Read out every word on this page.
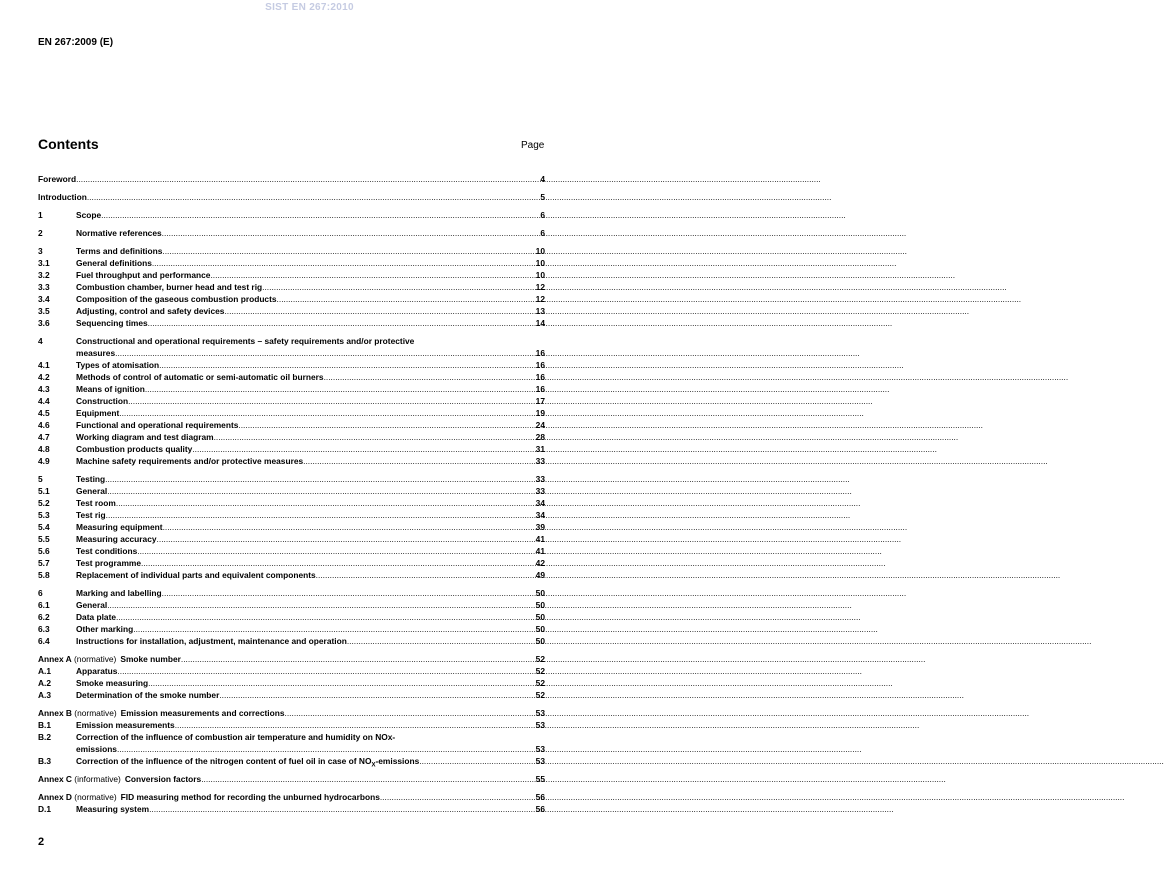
SIST EN 267:2010
EN 267:2009 (E)
Contents	Page
Foreword .....	4
Introduction .....	5
1	Scope .....	6
2	Normative references .....	6
3	Terms and definitions .....	10
3.1	General definitions .....	10
3.2	Fuel throughput and performance .....	10
3.3	Combustion chamber, burner head and test rig .....	12
3.4	Composition of the gaseous combustion products .....	12
3.5	Adjusting, control and safety devices .....	13
3.6	Sequencing times .....	14
4	Constructional and operational requirements – safety requirements and/or protective
measures .....	16
4.1	Types of atomisation .....	16
4.2	Methods of control of automatic or semi-automatic oil burners .....	16
4.3	Means of ignition .....	16
4.4	Construction .....	17
4.5	Equipment .....	19
4.6	Functional and operational requirements .....	24
4.7	Working diagram and test diagram .....	28
4.8	Combustion products quality .....	31
4.9	Machine safety requirements and/or protective measures .....	33
5	Testing .....	33
5.1	General .....	33
5.2	Test room .....	34
5.3	Test rig .....	34
5.4	Measuring equipment .....	39
5.5	Measuring accuracy .....	41
5.6	Test conditions .....	41
5.7	Test programme .....	42
5.8	Replacement of individual parts and equivalent components .....	49
6	Marking and labelling .....	50
6.1	General .....	50
6.2	Data plate .....	50
6.3	Other marking .....	50
6.4	Instructions for installation, adjustment, maintenance and operation .....	50
Annex A (normative) Smoke number .....	52
A.1	Apparatus .....	52
A.2	Smoke measuring .....	52
A.3	Determination of the smoke number .....	52
Annex B (normative) Emission measurements and corrections .....	53
B.1	Emission measurements .....	53
B.2	Correction of the influence of combustion air temperature and humidity on NOx-
emissions .....	53
B.3	Correction of the influence of the nitrogen content of fuel oil in case of $NO_X$-emissions .....	53
Annex C (informative) Conversion factors .....	55
Annex D (normative) FID measuring method for recording the unburned hydrocarbons .....	56
D.1	Measuring system .....	56
2
